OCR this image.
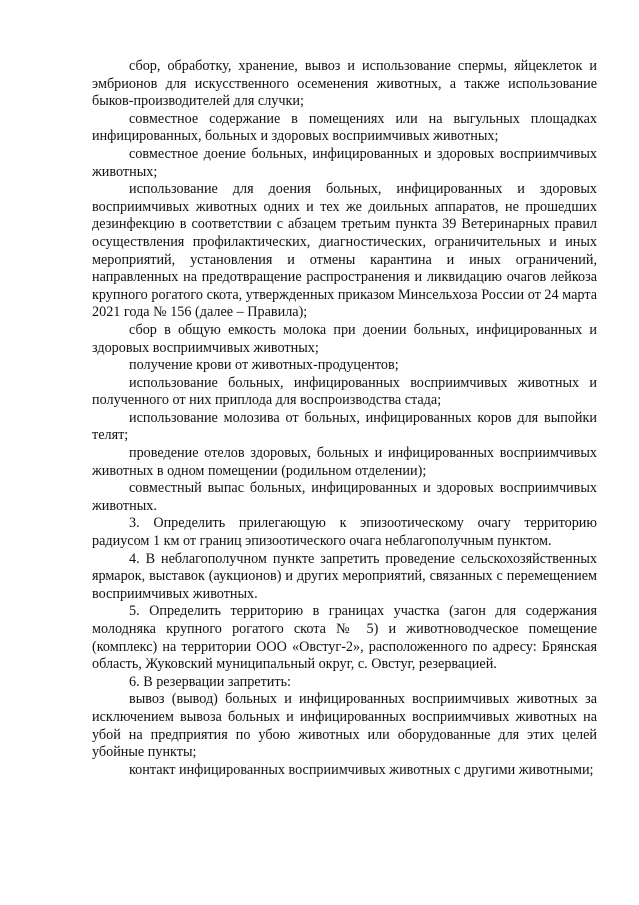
сбор, обработку, хранение, вывоз и использование спермы, яйцеклеток и эмбрионов для искусственного осеменения животных, а также использование быков-производителей для случки;

совместное содержание в помещениях или на выгульных площадках инфицированных, больных и здоровых восприимчивых животных;

совместное доение больных, инфицированных и здоровых восприимчивых животных;

использование для доения больных, инфицированных и здоровых восприимчивых животных одних и тех же доильных аппаратов, не прошедших дезинфекцию в соответствии с абзацем третьим пункта 39 Ветеринарных правил осуществления профилактических, диагностических, ограничительных и иных мероприятий, установления и отмены карантина и иных ограничений, направленных на предотвращение распространения и ликвидацию очагов лейкоза крупного рогатого скота, утвержденных приказом Минсельхоза России от 24 марта 2021 года № 156 (далее – Правила);

сбор в общую емкость молока при доении больных, инфицированных и здоровых восприимчивых животных;

получение крови от животных-продуцентов;

использование больных, инфицированных восприимчивых животных и полученного от них приплода для воспроизводства стада;

использование молозива от больных, инфицированных коров для выпойки телят;

проведение отелов здоровых, больных и инфицированных восприимчивых животных в одном помещении (родильном отделении);

совместный выпас больных, инфицированных и здоровых восприимчивых животных.

3. Определить прилегающую к эпизоотическому очагу территорию радиусом 1 км от границ эпизоотического очага неблагополучным пунктом.

4. В неблагополучном пункте запретить проведение сельскохозяйственных ярмарок, выставок (аукционов) и других мероприятий, связанных с перемещением восприимчивых животных.

5. Определить территорию в границах участка (загон для содержания молодняка крупного рогатого скота № 5) и животноводческое помещение (комплекс) на территории ООО «Овстуг-2», расположенного по адресу: Брянская область, Жуковский муниципальный округ, с. Овстуг, резервацией.

6. В резервации запретить:

вывоз (вывод) больных и инфицированных восприимчивых животных за исключением вывоза больных и инфицированных восприимчивых животных на убой на предприятия по убою животных или оборудованные для этих целей убойные пункты;

контакт инфицированных восприимчивых животных с другими животными;
